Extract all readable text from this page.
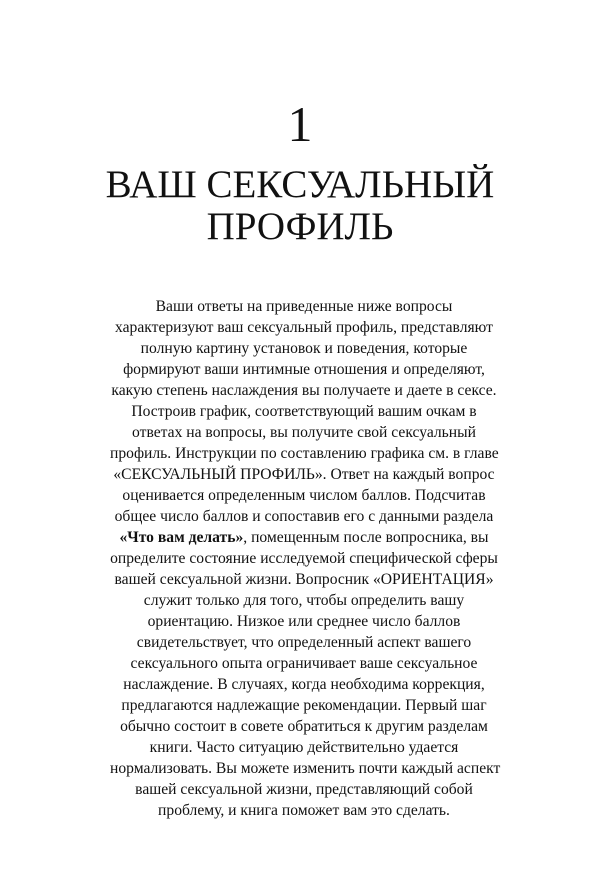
1
ВАШ СЕКСУАЛЬНЫЙ
ПРОФИЛЬ
Ваши ответы на приведенные ниже вопросы
характеризуют ваш сексуальный профиль, представляют
полную картину установок и поведения, которые
формируют ваши интимные отношения и определяют,
какую степень наслаждения вы получаете и даете в сексе.
Построив график, соответствующий вашим очкам в
ответах на вопросы, вы получите свой сексуальный
профиль. Инструкции по составлению графика см. в главе
«СЕКСУАЛЬНЫЙ ПРОФИЛЬ». Ответ на каждый вопрос
оценивается определенным числом баллов. Подсчитав
общее число баллов и сопоставив его с данными раздела
«Что вам делать», помещенным после вопросника, вы
определите состояние исследуемой специфической сферы
вашей сексуальной жизни. Вопросник «ОРИЕНТАЦИЯ»
служит только для того, чтобы определить вашу
ориентацию. Низкое или среднее число баллов
свидетельствует, что определенный аспект вашего
сексуального опыта ограничивает ваше сексуальное
наслаждение. В случаях, когда необходима коррекция,
предлагаются надлежащие рекомендации. Первый шаг
обычно состоит в совете обратиться к другим разделам
книги. Часто ситуацию действительно удается
нормализовать. Вы можете изменить почти каждый аспект
вашей сексуальной жизни, представляющий собой
проблему, и книга поможет вам это сделать.
